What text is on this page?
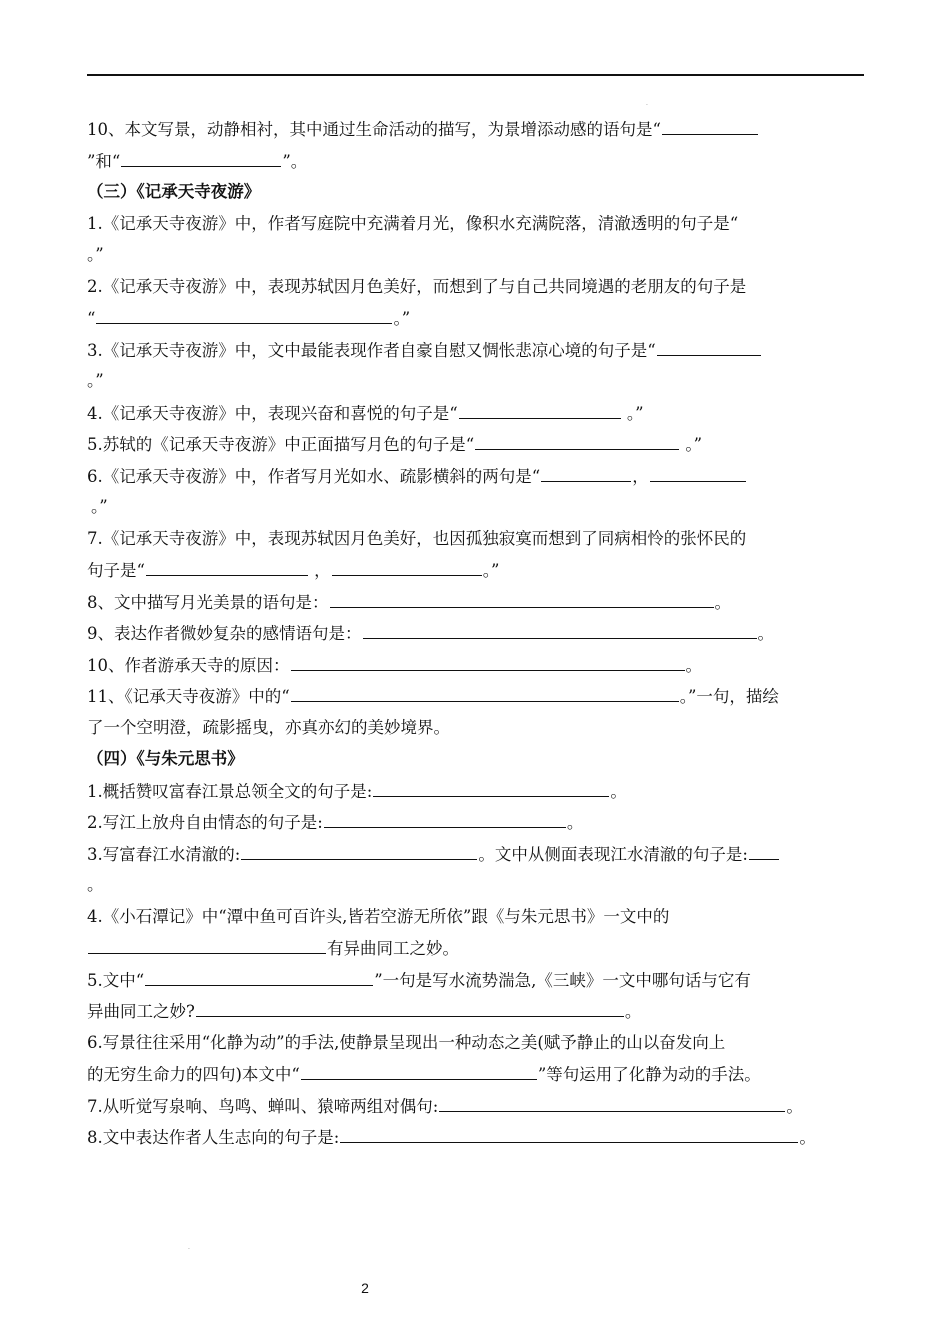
.
10、本文写景，动静相衬，其中通过生命活动的描写，为景增添动感的语句是“
”和“	”。
（三）《记承天寺夜游》
1.《记承天寺夜游》中，作者写庭院中充满着月光，像积水充满院落，清澈透明的句子是“
。”
2.《记承天寺夜游》中，表现苏轼因月色美好，而想到了与自己共同境遇的老朋友的句子是
“	。”
3.《记承天寺夜游》中，文中最能表现作者自豪自慰又惆怅悲凉心境的句子是“
。”
4.《记承天寺夜游》中，表现兴奋和喜悦的句子是“	。”
5.苏轼的《记承天寺夜游》中正面描写月色的句子是“	。”
6.《记承天寺夜游》中，作者写月光如水、疏影横斜的两句是“	，
。”
7.《记承天寺夜游》中，表现苏轼因月色美好，也因孤独寂寞而想到了同病相怜的张怀民的
句子是“	，	。”
8、文中描写月光美景的语句是：	。
9、表达作者微妙复杂的感情语句是：	。
10、作者游承天寺的原因：	。
11、《记承天寺夜游》中的“	。”一句，描绘
了一个空明澄，疏影摇曳，亦真亦幻的美妙境界。
（四）《与朱元思书》
1.概括赞叹富春江景总领全文的句子是:	。
2.写江上放舟自由情态的句子是:	。
3.写富春江水清澈的:	。文中从侧面表现江水清澈的句子是:
。
4.《小石潭记》中“潭中鱼可百许头,皆若空游无所依”跟《与朱元思书》一文中的
有异曲同工之妙。
5.文中“	”一句是写水流势湍急,《三峡》一文中哪句话与它有
异曲同工之妙?	。
6.写景往往采用“化静为动”的手法,使静景呈现出一种动态之美(赋予静止的山以奋发向上
的无穷生命力的四句)本文中“	”等句运用了化静为动的手法。
7.从听觉写泉响、鸟鸣、蝉叫、猿啼两组对偶句:	。
8.文中表达作者人生志向的句子是:	。
.
2
